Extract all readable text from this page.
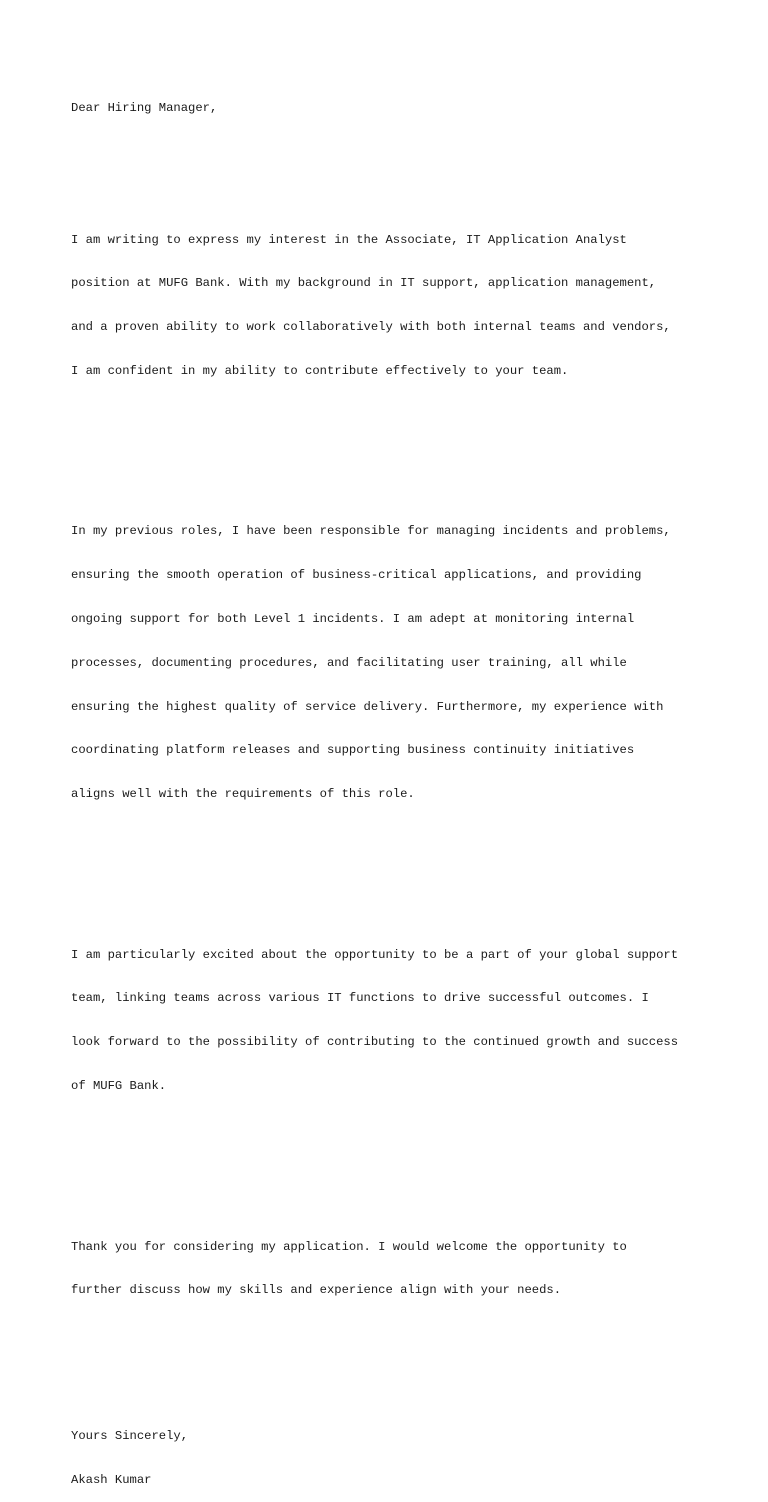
Dear Hiring Manager,

I am writing to express my interest in the Associate, IT Application Analyst

position at MUFG Bank. With my background in IT support, application management,

and a proven ability to work collaboratively with both internal teams and vendors,

I am confident in my ability to contribute effectively to your team.

In my previous roles, I have been responsible for managing incidents and problems,

ensuring the smooth operation of business-critical applications, and providing

ongoing support for both Level 1 incidents. I am adept at monitoring internal

processes, documenting procedures, and facilitating user training, all while

ensuring the highest quality of service delivery. Furthermore, my experience with

coordinating platform releases and supporting business continuity initiatives

aligns well with the requirements of this role.

I am particularly excited about the opportunity to be a part of your global support

team, linking teams across various IT functions to drive successful outcomes. I

look forward to the possibility of contributing to the continued growth and success

of MUFG Bank.

Thank you for considering my application. I would welcome the opportunity to

further discuss how my skills and experience align with your needs.

Yours Sincerely,

Akash Kumar
